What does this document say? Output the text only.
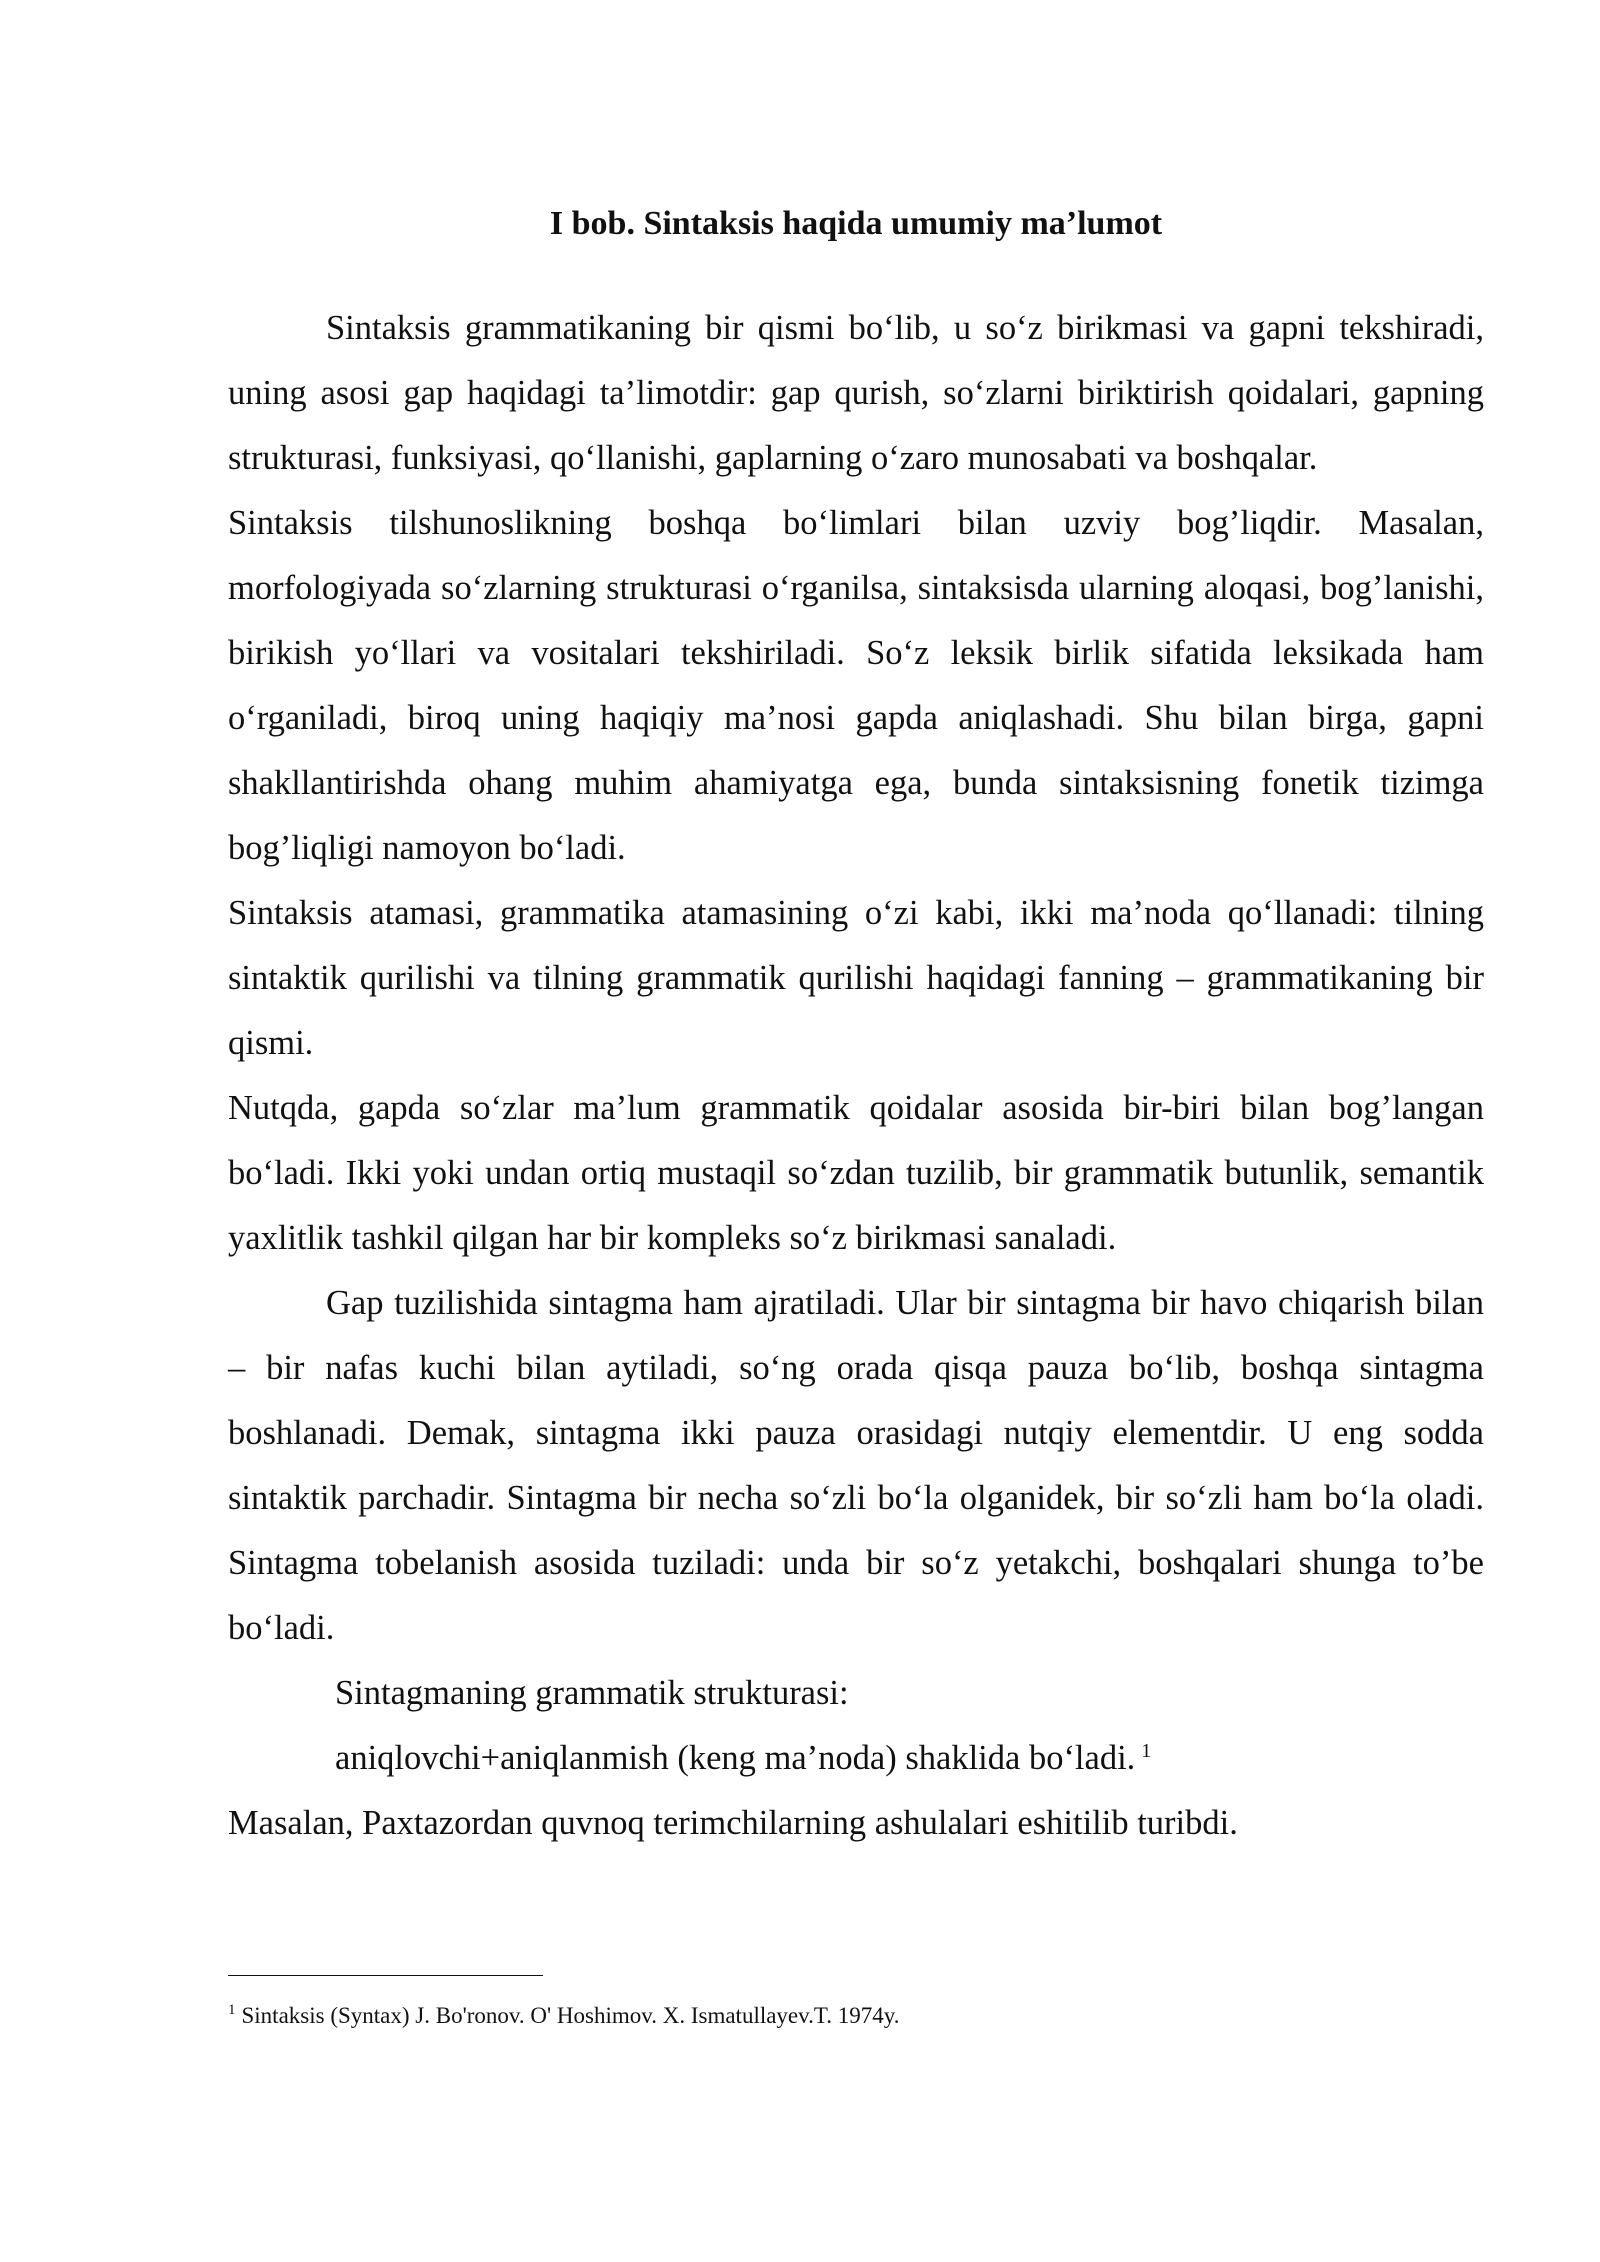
I bob. Sintaksis haqida umumiy ma’lumot

Sintaksis grammatikaning bir qismi bo‘lib, u so‘z birikmasi va gapni tekshiradi, uning asosi gap haqidagi ta’limotdir: gap qurish, so‘zlarni biriktirish qoidalari, gapning strukturasi, funksiyasi, qo‘llanishi, gaplarning o‘zaro munosabati va boshqalar.

Sintaksis tilshunoslikning boshqa bo‘limlari bilan uzviy bog’liqdir. Masalan, morfologiyada so‘zlarning strukturasi o‘rganilsa, sintaksisda ularning aloqasi, bog’lanishi, birikish yo‘llari va vositalari tekshiriladi. So‘z leksik birlik sifatida leksikada ham o‘rganiladi, biroq uning haqiqiy ma’nosi gapda aniqlashadi. Shu bilan birga, gapni shakllantirishda ohang muhim ahamiyatga ega, bunda sintaksisning fonetik tizimga bog’liqligi namoyon bo‘ladi.

Sintaksis atamasi, grammatika atamasining o‘zi kabi, ikki ma’noda qo‘llanadi: tilning sintaktik qurilishi va tilning grammatik qurilishi haqidagi fanning – grammatikaning bir qismi.

Nutqda, gapda so‘zlar ma’lum grammatik qoidalar asosida bir-biri bilan bog’langan bo‘ladi. Ikki yoki undan ortiq mustaqil so‘zdan tuzilib, bir grammatik butunlik, semantik yaxlitlik tashkil qilgan har bir kompleks so‘z birikmasi sanaladi.

Gap tuzilishida sintagma ham ajratiladi. Ular bir sintagma bir havo chiqarish bilan – bir nafas kuchi bilan aytiladi, so‘ng orada qisqa pauza bo‘lib, boshqa sintagma boshlanadi. Demak, sintagma ikki pauza orasidagi nutqiy elementdir. U eng sodda sintaktik parchadir. Sintagma bir necha so‘zli bo‘la olganidek, bir so‘zli ham bo‘la oladi. Sintagma tobelanish asosida tuziladi: unda bir so‘z yetakchi, boshqalari shunga to’be bo‘ladi.

Sintagmaning grammatik strukturasi:

aniqlovchi+aniqlanmish (keng ma’noda) shaklida bo‘ladi. $^1$

Masalan, Paxtazordan quvnoq terimchilarning ashulalari eshitilib turibdi.

$^1$ Sintaksis (Syntax) J. Bo'ronov. O' Hoshimov. X. Ismatullayev.T. 1974y.
